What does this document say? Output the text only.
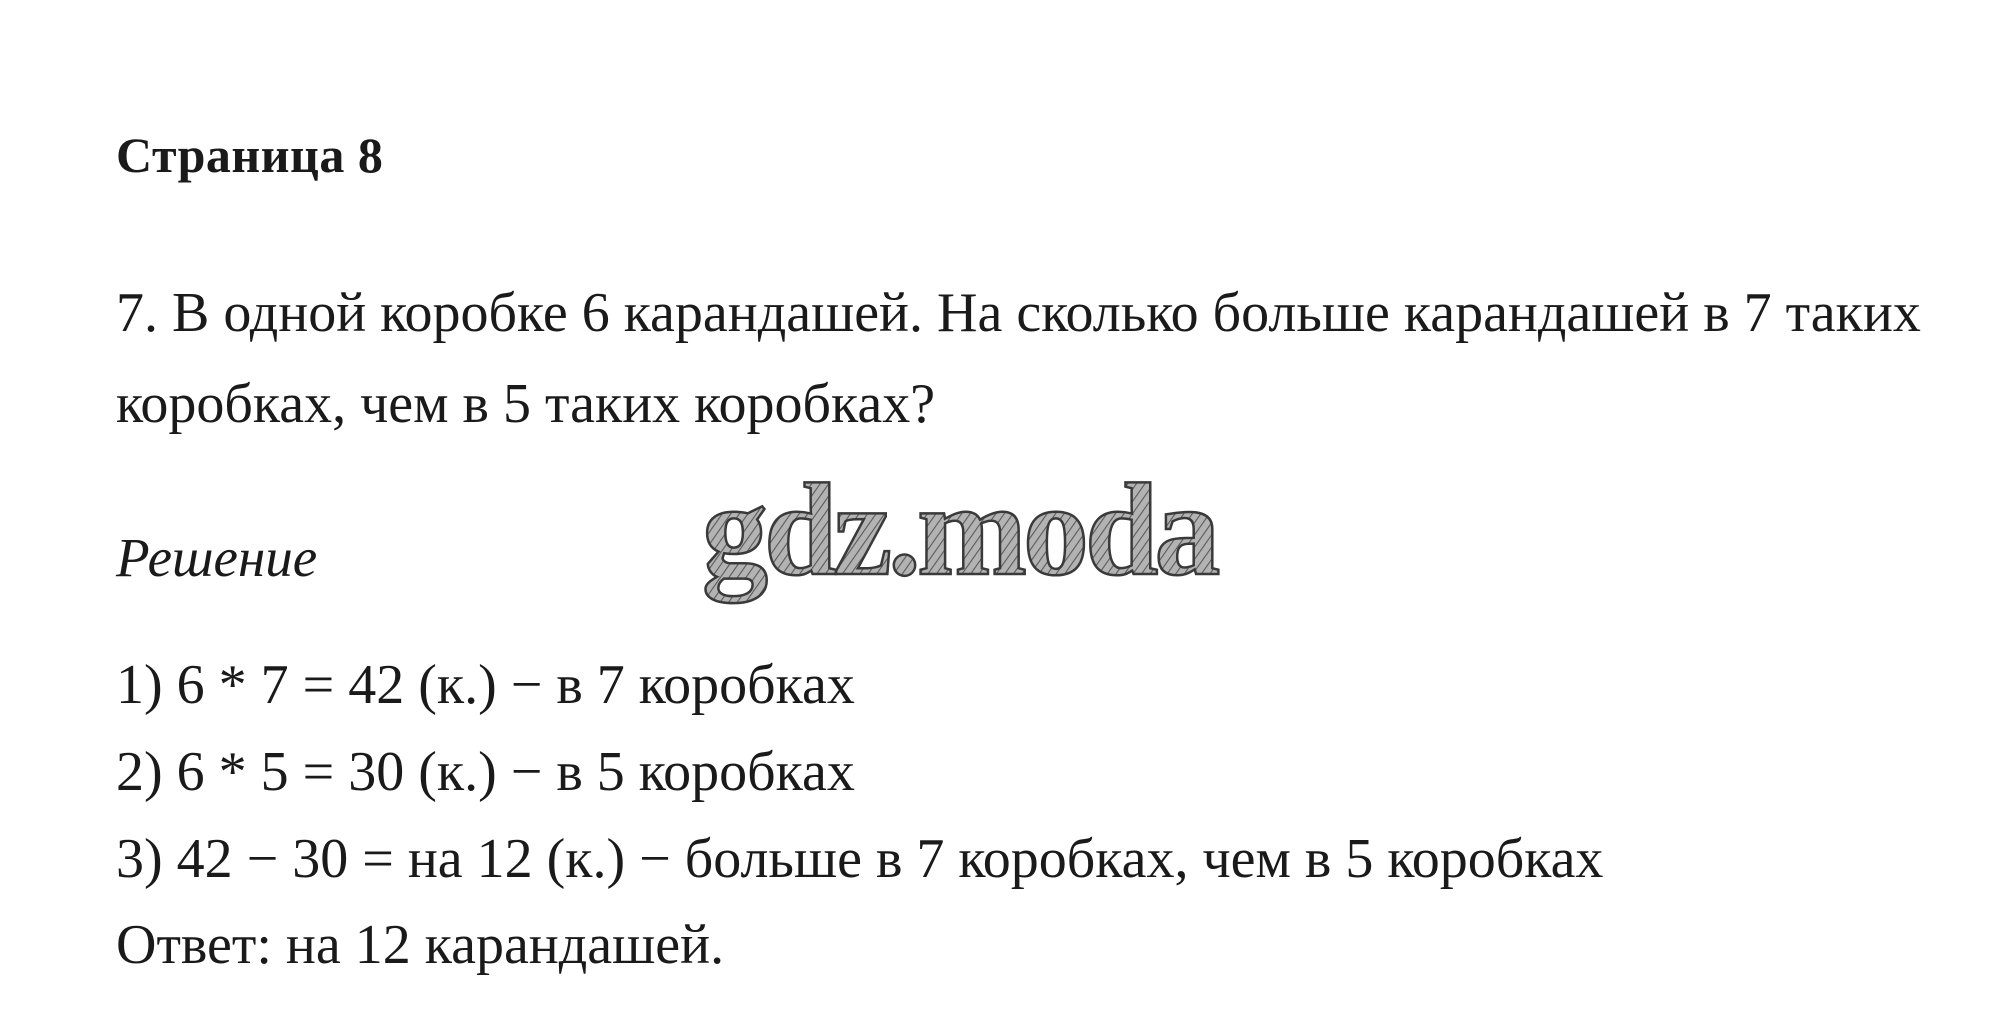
Страница 8

7. В одной коробке 6 карандашей. На сколько больше карандашей в 7 таких коробках, чем в 5 таких коробках?

Решение	gdz.moda
1) 6 * 7 = 42 (к.) − в 7 коробках
2) 6 * 5 = 30 (к.) − в 5 коробках
3) 42 − 30 = на 12 (к.) − больше в 7 коробках, чем в 5 коробках

Ответ: на 12 карандашей.
